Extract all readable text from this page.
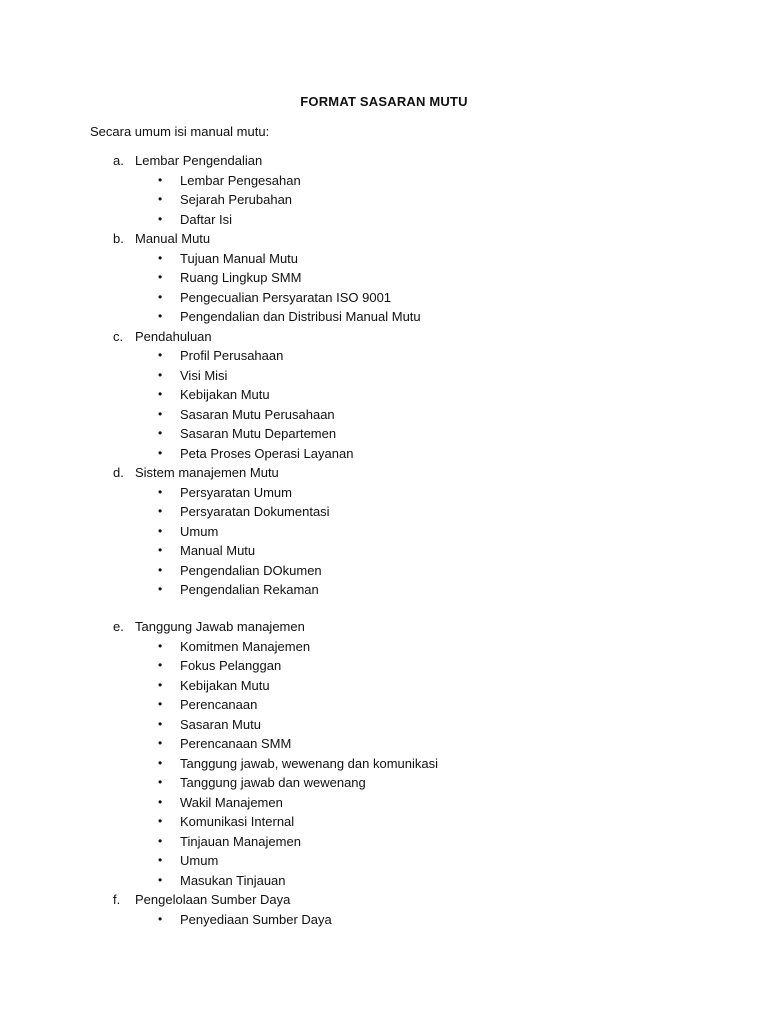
FORMAT SASARAN MUTU
Secara umum isi manual mutu:
a. Lembar Pengendalian
• Lembar Pengesahan
• Sejarah Perubahan
• Daftar Isi
b. Manual Mutu
• Tujuan Manual Mutu
• Ruang Lingkup SMM
• Pengecualian Persyaratan ISO 9001
• Pengendalian dan Distribusi Manual Mutu
c. Pendahuluan
• Profil Perusahaan
• Visi Misi
• Kebijakan Mutu
• Sasaran Mutu Perusahaan
• Sasaran Mutu Departemen
• Peta Proses Operasi Layanan
d. Sistem manajemen Mutu
• Persyaratan Umum
• Persyaratan Dokumentasi
• Umum
• Manual Mutu
• Pengendalian DOkumen
• Pengendalian Rekaman
e. Tanggung Jawab manajemen
• Komitmen Manajemen
• Fokus Pelanggan
• Kebijakan Mutu
• Perencanaan
• Sasaran Mutu
• Perencanaan SMM
• Tanggung jawab, wewenang dan komunikasi
• Tanggung jawab dan wewenang
• Wakil Manajemen
• Komunikasi Internal
• Tinjauan Manajemen
• Umum
• Masukan Tinjauan
f. Pengelolaan Sumber Daya
• Penyediaan Sumber Daya
